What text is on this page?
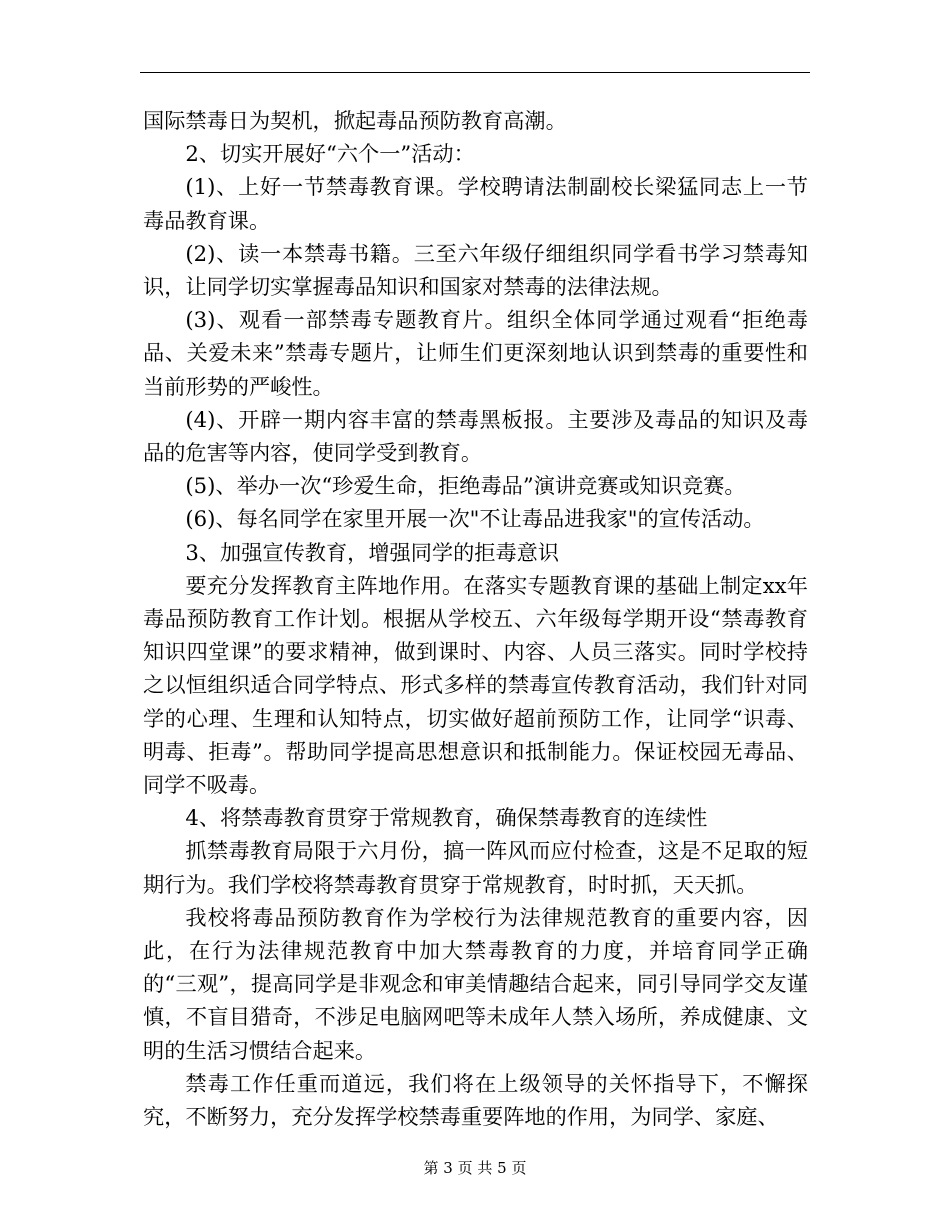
国际禁毒日为契机，掀起毒品预防教育高潮。

2、切实开展好“六个一”活动：

(1)、上好一节禁毒教育课。学校聘请法制副校长梁猛同志上一节毒品教育课。

(2)、读一本禁毒书籍。三至六年级仔细组织同学看书学习禁毒知识，让同学切实掌握毒品知识和国家对禁毒的法律法规。

(3)、观看一部禁毒专题教育片。组织全体同学通过观看“拒绝毒品、关爱未来”禁毒专题片，让师生们更深刻地认识到禁毒的重要性和当前形势的严峻性。

(4)、开辟一期内容丰富的禁毒黑板报。主要涉及毒品的知识及毒品的危害等内容，使同学受到教育。

(5)、举办一次“珍爱生命，拒绝毒品”演讲竞赛或知识竞赛。

(6)、每名同学在家里开展一次"不让毒品进我家"的宣传活动。

3、加强宣传教育，增强同学的拒毒意识

要充分发挥教育主阵地作用。在落实专题教育课的基础上制定xx年毒品预防教育工作计划。根据从学校五、六年级每学期开设“禁毒教育知识四堂课”的要求精神，做到课时、内容、人员三落实。同时学校持之以恒组织适合同学特点、形式多样的禁毒宣传教育活动，我们针对同学的心理、生理和认知特点，切实做好超前预防工作，让同学“识毒、明毒、拒毒”。帮助同学提高思想意识和抵制能力。保证校园无毒品、同学不吸毒。

4、将禁毒教育贯穿于常规教育，确保禁毒教育的连续性

抓禁毒教育局限于六月份，搞一阵风而应付检查，这是不足取的短期行为。我们学校将禁毒教育贯穿于常规教育，时时抓，天天抓。

我校将毒品预防教育作为学校行为法律规范教育的重要内容，因此，在行为法律规范教育中加大禁毒教育的力度，并培育同学正确的“三观”，提高同学是非观念和审美情趣结合起来，同引导同学交友谨慎，不盲目猎奇，不涉足电脑网吧等未成年人禁入场所，养成健康、文明的生活习惯结合起来。

禁毒工作任重而道远，我们将在上级领导的关怀指导下，不懈探究，不断努力，充分发挥学校禁毒重要阵地的作用，为同学、家庭、

第 3 页 共 5 页
